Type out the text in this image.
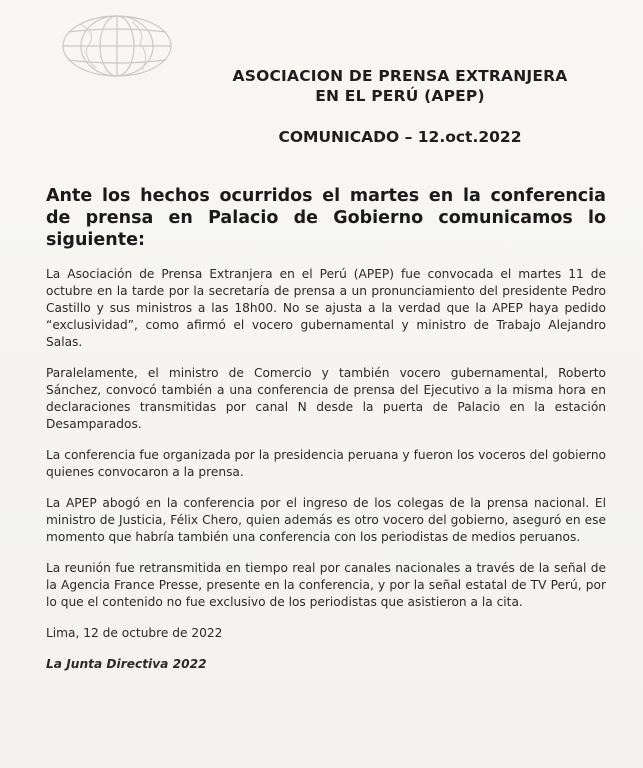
ASOCIACION DE PRENSA EXTRANJERA
EN EL PERÚ (APEP)
COMUNICADO – 12.oct.2022
Ante los hechos ocurridos el martes en la conferencia de prensa en Palacio de Gobierno comunicamos lo siguiente:

La Asociación de Prensa Extranjera en el Perú (APEP) fue convocada el martes 11 de octubre en la tarde por la secretaría de prensa a un pronunciamiento del presidente Pedro Castillo y sus ministros a las 18h00. No se ajusta a la verdad que la APEP haya pedido “exclusividad”, como afirmó el vocero gubernamental y ministro de Trabajo Alejandro Salas.

Paralelamente, el ministro de Comercio y también vocero gubernamental, Roberto Sánchez, convocó también a una conferencia de prensa del Ejecutivo a la misma hora en declaraciones transmitidas por canal N desde la puerta de Palacio en la estación Desamparados.

La conferencia fue organizada por la presidencia peruana y fueron los voceros del gobierno quienes convocaron a la prensa.

La APEP abogó en la conferencia por el ingreso de los colegas de la prensa nacional. El ministro de Justicia, Félix Chero, quien además es otro vocero del gobierno, aseguró en ese momento que habría también una conferencia con los periodistas de medios peruanos.

La reunión fue retransmitida en tiempo real por canales nacionales a través de la señal de la Agencia France Presse, presente en la conferencia, y por la señal estatal de TV Perú, por lo que el contenido no fue exclusivo de los periodistas que asistieron a la cita.

Lima, 12 de octubre de 2022

La Junta Directiva 2022
